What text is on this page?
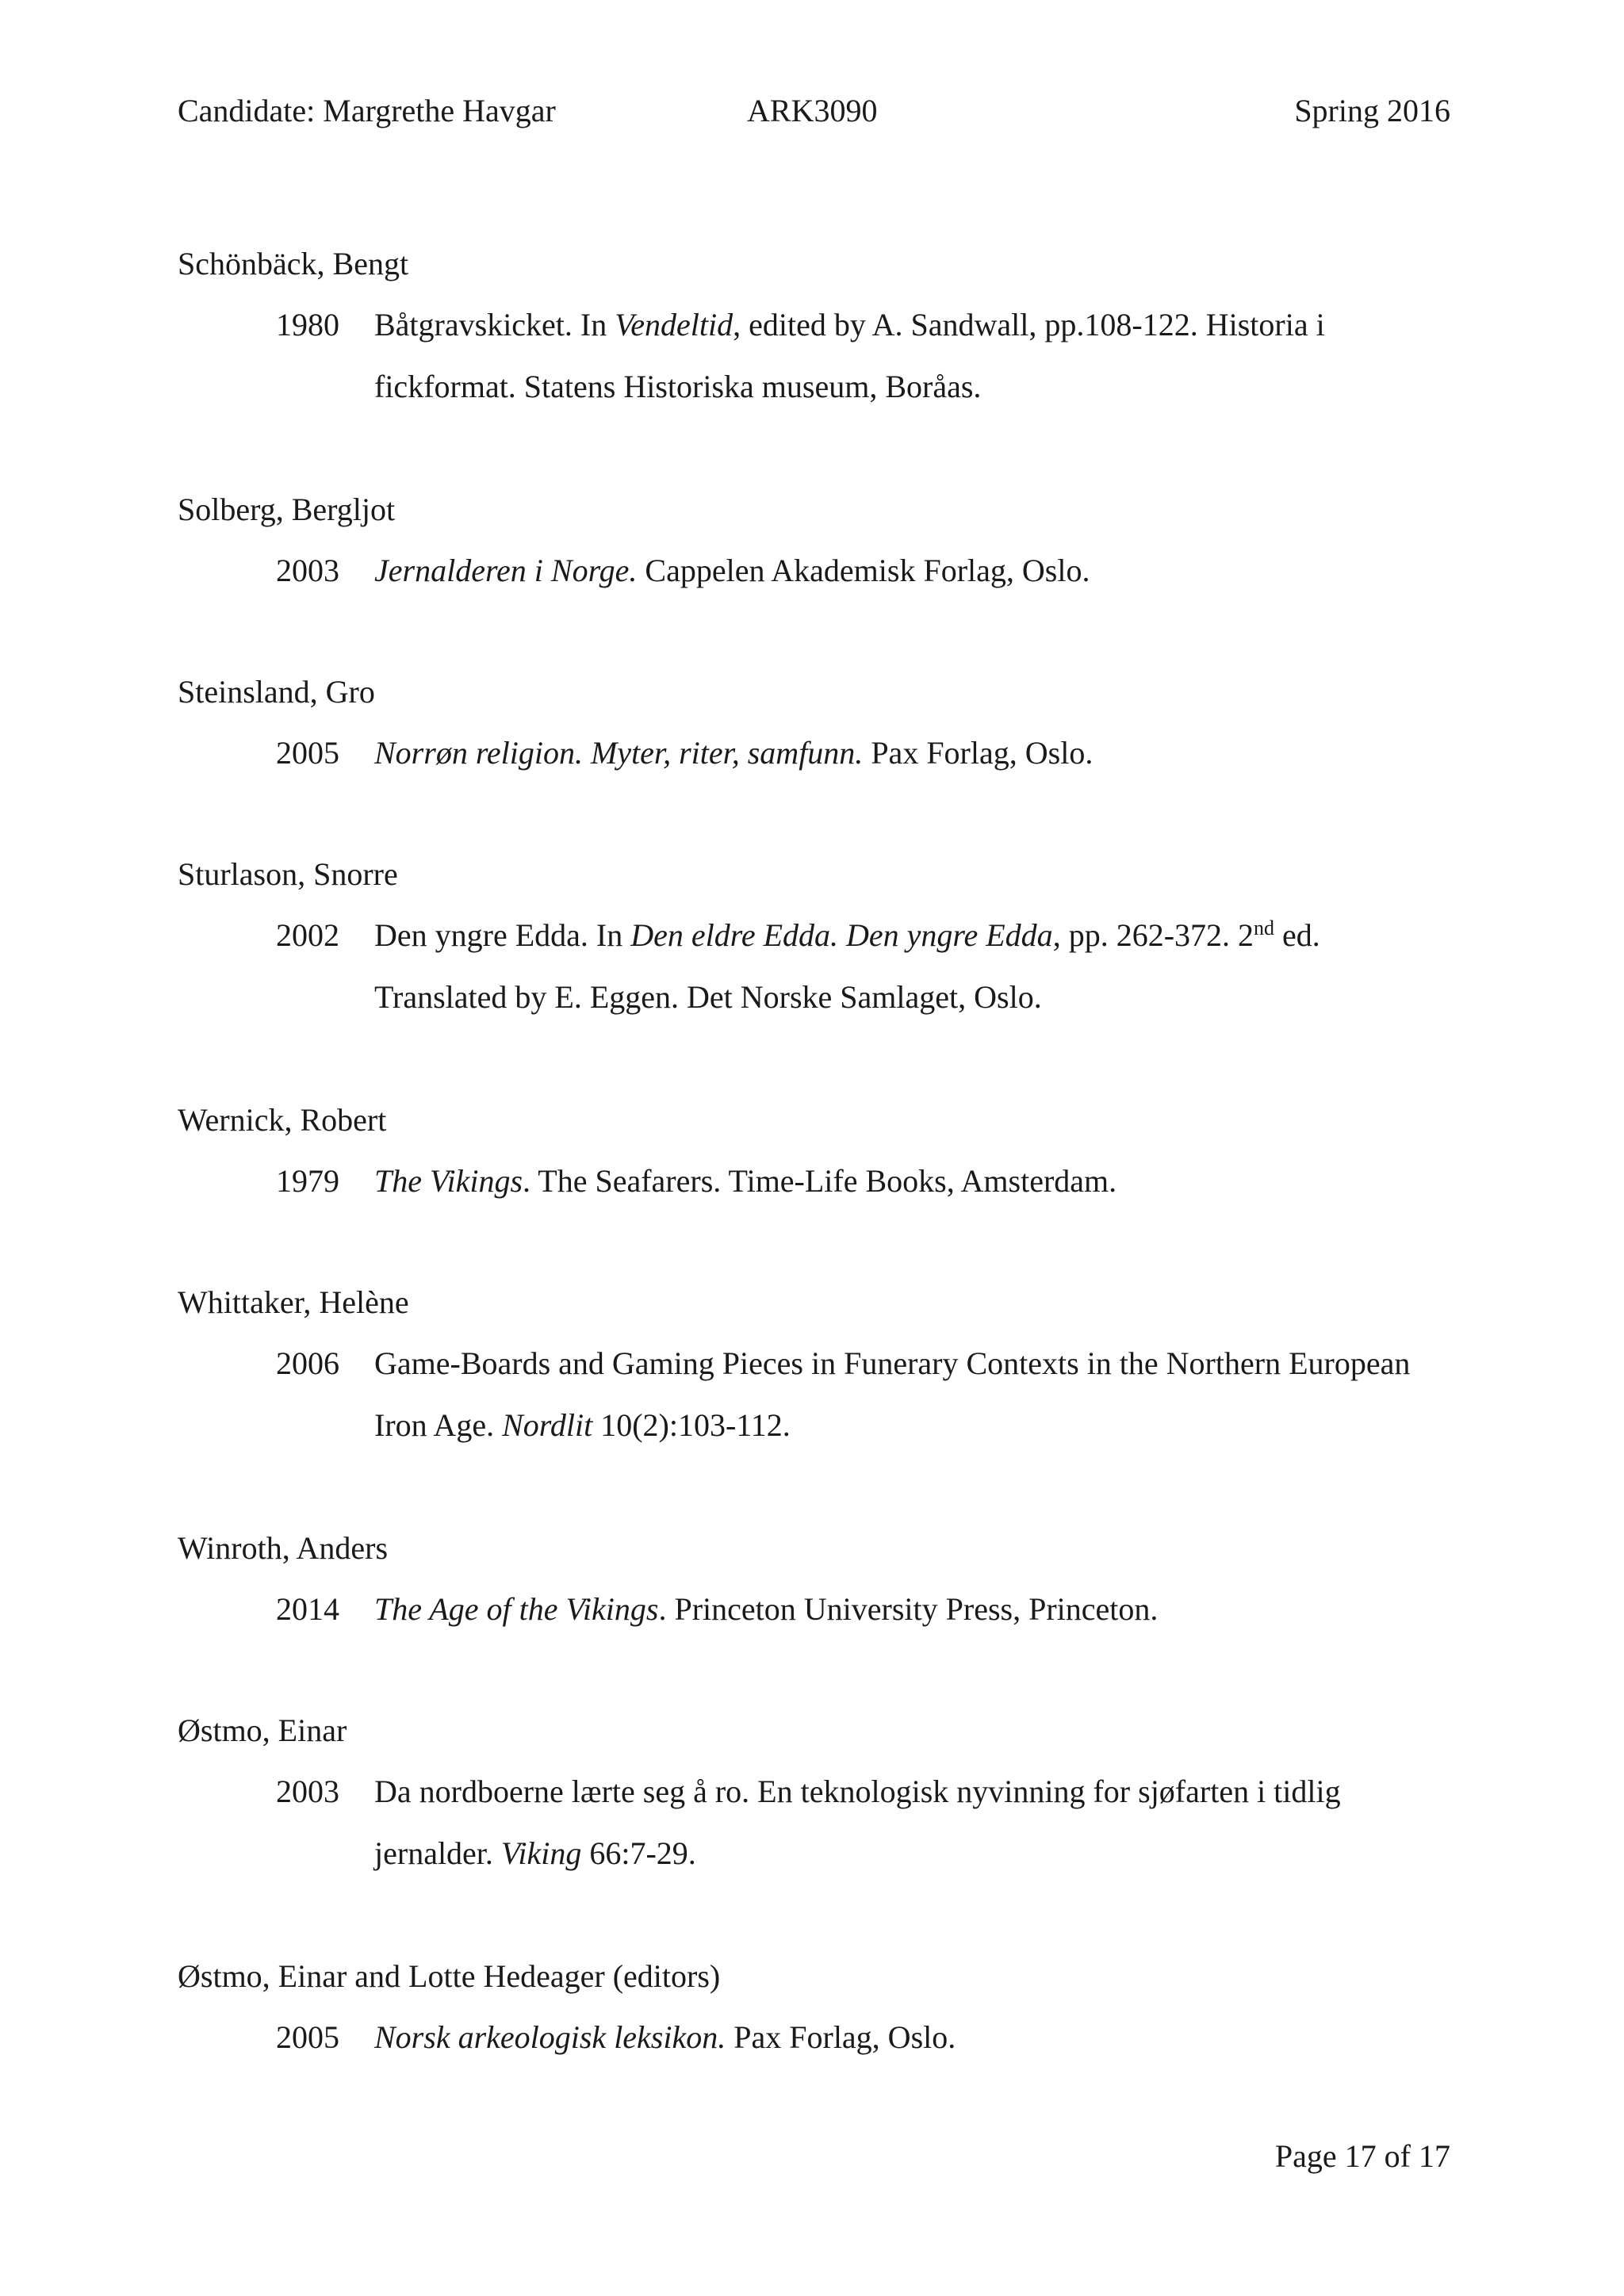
Candidate: Margrethe Havgar	ARK3090	Spring 2016
Schönbäck, Bengt
1980 Båtgravskicket. In Vendeltid, edited by A. Sandwall, pp.108-122. Historia i
fickformat. Statens Historiska museum, Boråas.
Solberg, Bergljot
2003 Jernalderen i Norge. Cappelen Akademisk Forlag, Oslo.
Steinsland, Gro
2005 Norrøn religion. Myter, riter, samfunn. Pax Forlag, Oslo.
Sturlason, Snorre
2002 Den yngre Edda. In Den eldre Edda. Den yngre Edda, pp. 262-372. 2nd ed.
Translated by E. Eggen. Det Norske Samlaget, Oslo.
Wernick, Robert
1979 The Vikings. The Seafarers. Time-Life Books, Amsterdam.
Whittaker, Helène
2006 Game-Boards and Gaming Pieces in Funerary Contexts in the Northern European
Iron Age. Nordlit 10(2):103-112.
Winroth, Anders
2014 The Age of the Vikings. Princeton University Press, Princeton.
Østmo, Einar
2003 Da nordboerne lærte seg å ro. En teknologisk nyvinning for sjøfarten i tidlig
jernalder. Viking 66:7-29.
Østmo, Einar and Lotte Hedeager (editors)
2005 Norsk arkeologisk leksikon. Pax Forlag, Oslo.
Page 17 of 17
